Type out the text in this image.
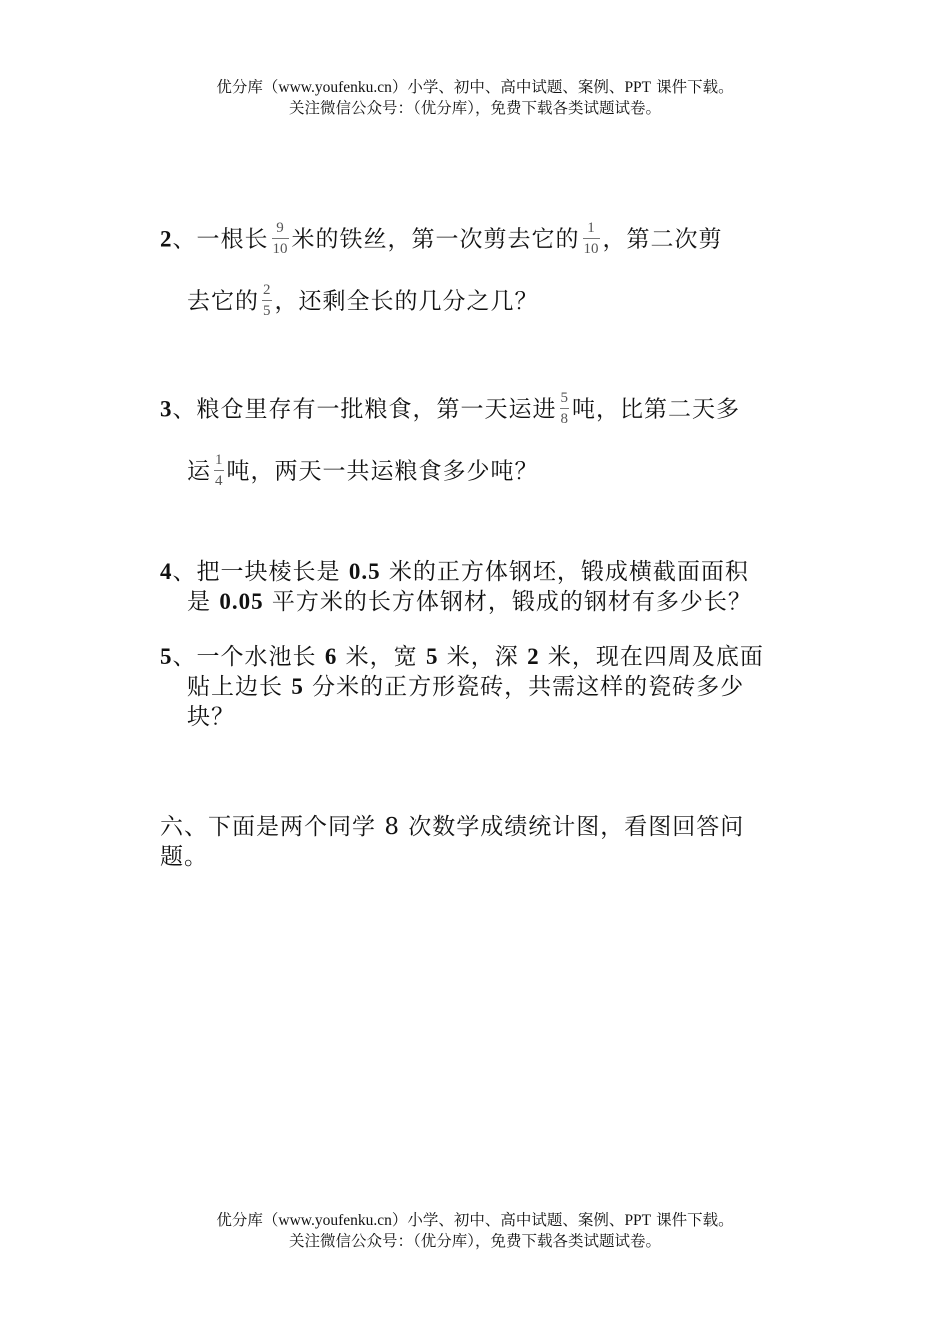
优分库（www.youfenku.cn）小学、初中、高中试题、案例、PPT 课件下载。
关注微信公众号：（优分库），免费下载各类试题试卷。
2、一根长 $\frac{9}{10}$ 米的铁丝，第一次剪去它的 $\frac{1}{10}$ ，第二次剪
去它的 $\frac{2}{5}$ ，还剩全长的几分之几？
3、粮仓里存有一批粮食，第一天运进 $\frac{5}{8}$ 吨，比第二天多
运 $\frac{1}{4}$ 吨，两天一共运粮食多少吨？
4、把一块棱长是 0.5 米的正方体钢坯，锻成横截面面积
是 0.05 平方米的长方体钢材，锻成的钢材有多少长？
5、一个水池长 6 米，宽 5 米，深 2 米，现在四周及底面
贴上边长 5 分米的正方形瓷砖，共需这样的瓷砖多少
块？
六、下面是两个同学 8 次数学成绩统计图，看图回答问
题。
优分库（www.youfenku.cn）小学、初中、高中试题、案例、PPT 课件下载。
关注微信公众号：（优分库），免费下载各类试题试卷。
